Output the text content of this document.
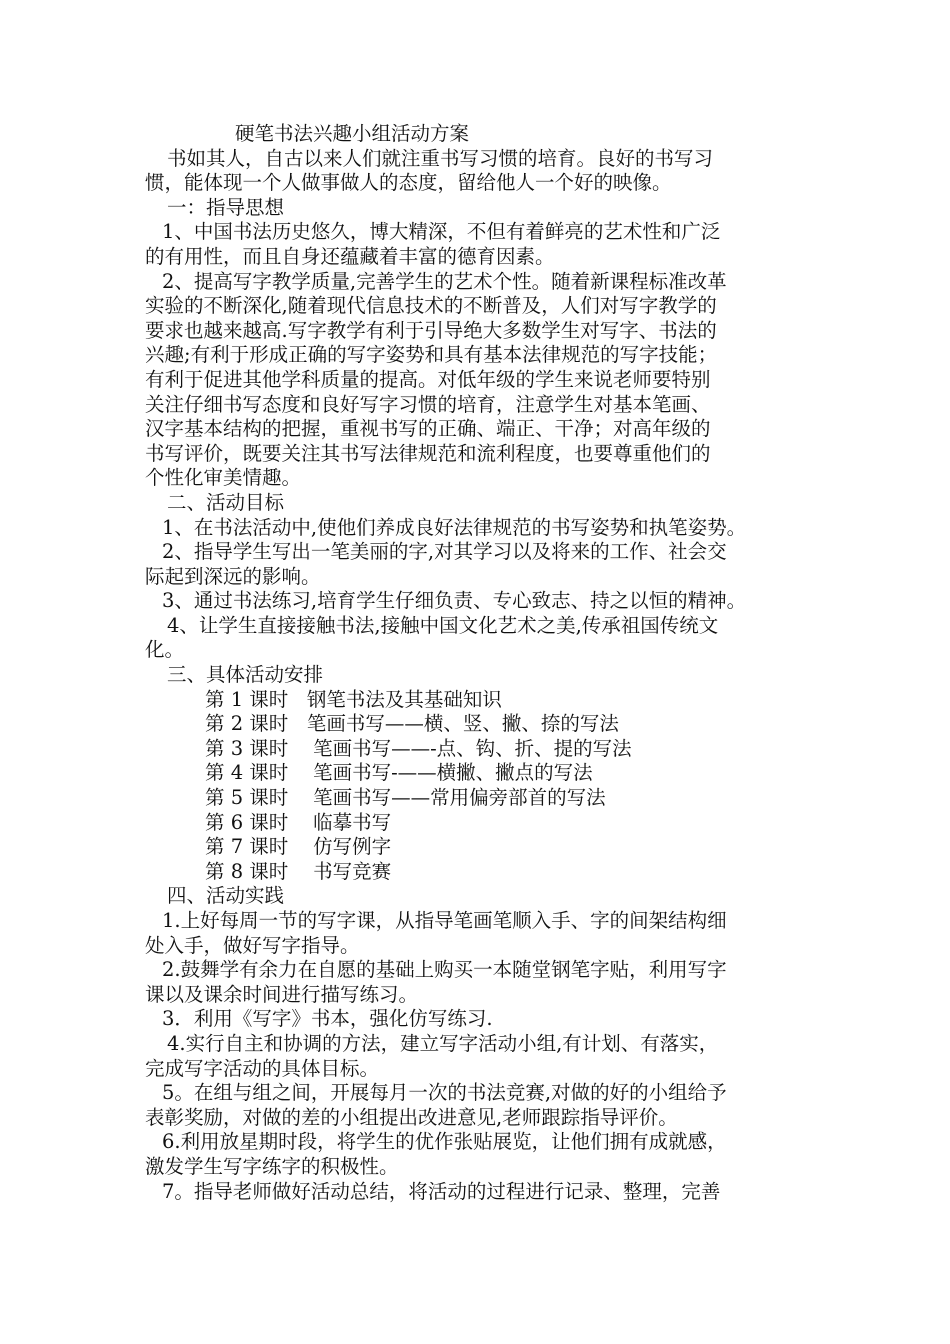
硬笔书法兴趣小组活动方案
书如其人，自古以来人们就注重书写习惯的培育。良好的书写习
惯，能体现一个人做事做人的态度，留给他人一个好的映像。
一：指导思想
1、中国书法历史悠久，博大精深，不但有着鲜亮的艺术性和广泛
的有用性，而且自身还蕴藏着丰富的德育因素。
2、提高写字教学质量,完善学生的艺术个性。随着新课程标准改革
实验的不断深化,随着现代信息技术的不断普及，人们对写字教学的
要求也越来越高.写字教学有利于引导绝大多数学生对写字、书法的
兴趣;有利于形成正确的写字姿势和具有基本法律规范的写字技能；
有利于促进其他学科质量的提高。对低年级的学生来说老师要特别
关注仔细书写态度和良好写字习惯的培育，注意学生对基本笔画、
汉字基本结构的把握，重视书写的正确、端正、干净；对高年级的
书写评价，既要关注其书写法律规范和流利程度，也要尊重他们的
个性化审美情趣。
二、活动目标
1、在书法活动中,使他们养成良好法律规范的书写姿势和执笔姿势。
2、指导学生写出一笔美丽的字,对其学习以及将来的工作、社会交
际起到深远的影响。
3、通过书法练习,培育学生仔细负责、专心致志、持之以恒的精神。
4、让学生直接接触书法,接触中国文化艺术之美,传承祖国传统文
化。
三、具体活动安排
第 1 课时   钢笔书法及其基础知识
第 2 课时   笔画书写——横、竖、撇、捺的写法
第 3 课时    笔画书写——-点、钩、折、提的写法
第 4 课时    笔画书写-——横撇、撇点的写法
第 5 课时    笔画书写——常用偏旁部首的写法
第 6 课时    临摹书写
第 7 课时    仿写例字
第 8 课时    书写竞赛
四、活动实践
1.上好每周一节的写字课，从指导笔画笔顺入手、字的间架结构细
处入手，做好写字指导。
2.鼓舞学有余力在自愿的基础上购买一本随堂钢笔字贴，利用写字
课以及课余时间进行描写练习。
3．利用《写字》书本，强化仿写练习.
4.实行自主和协调的方法，建立写字活动小组,有计划、有落实，
完成写字活动的具体目标。
5。在组与组之间，开展每月一次的书法竞赛,对做的好的小组给予
表彰奖励，对做的差的小组提出改进意见,老师跟踪指导评价。
6.利用放星期时段，将学生的优作张贴展览，让他们拥有成就感，
激发学生写字练字的积极性。
7。指导老师做好活动总结，将活动的过程进行记录、整理，完善
